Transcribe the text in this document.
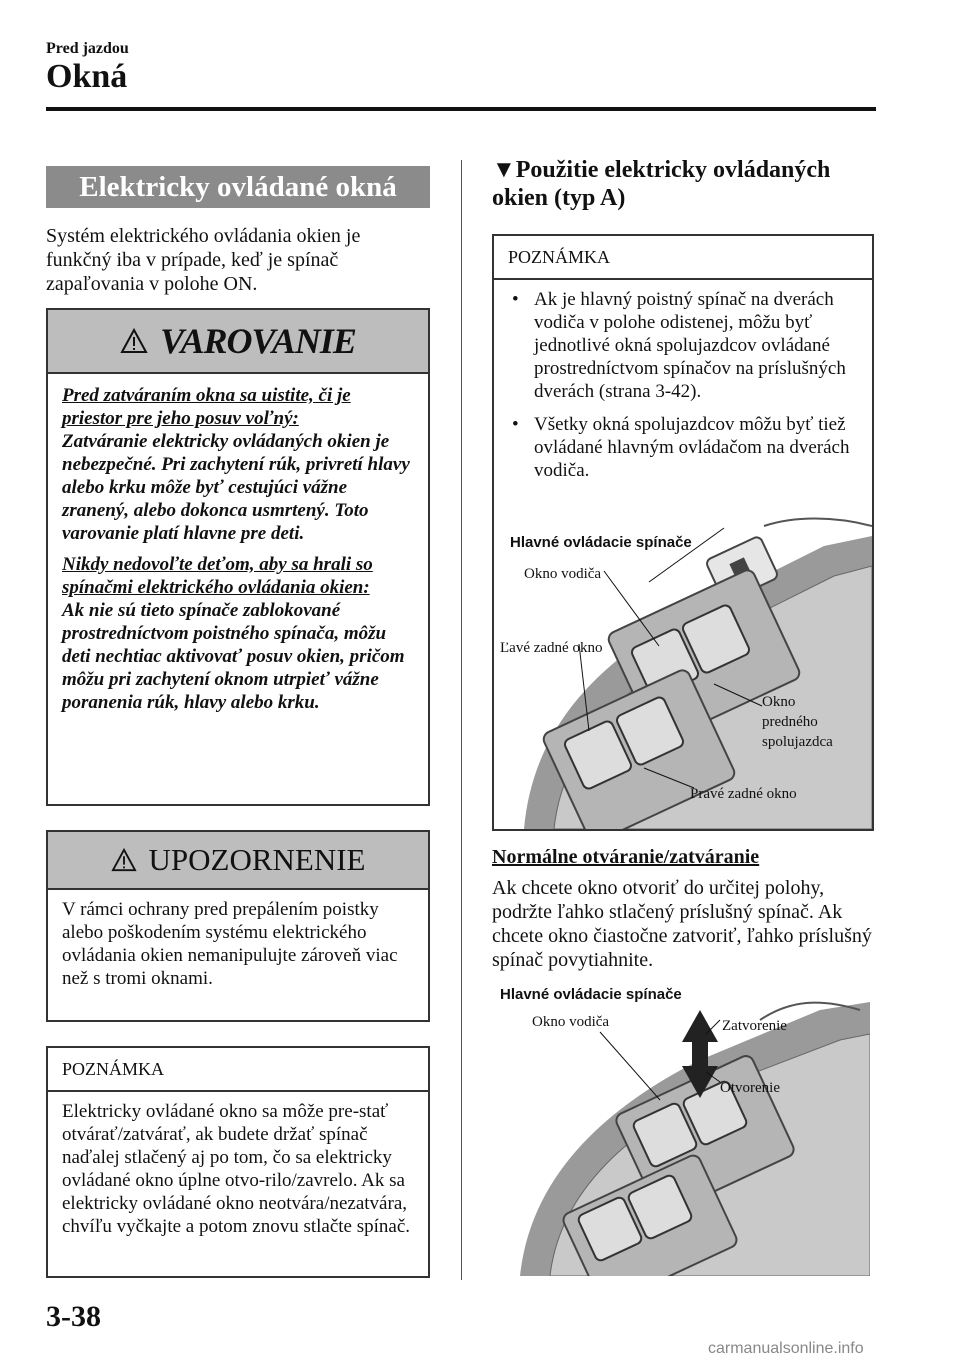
Pred jazdou
Okná
Elektricky ovládané okná
Systém elektrického ovládania okien je funkčný iba v prípade, keď je spínač zapaľovania v polohe ON.
VAROVANIE

Pred zatváraním okna sa uistite, či je priestor pre jeho posuv voľný:
Zatváranie elektricky ovládaných okien je nebezpečné. Pri zachytení rúk, privretí hlavy alebo krku môže byť cestujúci vážne zranený, alebo dokonca usmrtený. Toto varovanie platí hlavne pre deti.

Nikdy nedovoľte deťom, aby sa hrali so spínačmi elektrického ovládania okien:
Ak nie sú tieto spínače zablokované prostredníctvom poistného spínača, môžu deti nechtiac aktivovať posuv okien, pričom môžu pri zachytení oknom utrpieť vážne poranenia rúk, hlavy alebo krku.

UPOZORNENIE
V rámci ochrany pred prepálením poistky alebo poškodením systému elektrického ovládania okien nemanipulujte zároveň viac než s tromi oknami.
POZNÁMKA
Elektricky ovládané okno sa môže pre-stať otvárať/zatvárať, ak budete držať spínač naďalej stlačený aj po tom, čo sa elektricky ovládané okno úplne otvo-rilo/zavrelo. Ak sa elektricky ovládané okno neotvára/nezatvára, chvíľu vyčkajte a potom znovu stlačte spínač.
3-38
▼Použitie elektricky ovládaných okien (typ A)
POZNÁMKA
• Ak je hlavný poistný spínač na dverách vodiča v polohe odistenej, môžu byť jednotlivé okná spolujazdcov ovládané prostredníctvom spínačov na príslušných dverách (strana 3-42).
• Všetky okná spolujazdcov môžu byť tiež ovládané hlavným ovládačom na dverách vodiča.
Hlavné ovládacie spínače
Okno vodiča
Ľavé zadné okno
Okno
predného
spolujazdca
Pravé zadné okno
Normálne otváranie/zatváranie
Ak chcete okno otvoriť do určitej polohy, podržte ľahko stlačený príslušný spínač. Ak chcete okno čiastočne zatvoriť, ľahko príslušný spínač povytiahnite.
Hlavné ovládacie spínače
Okno vodiča	Zatvorenie
Otvorenie
carmanualsonline.info
